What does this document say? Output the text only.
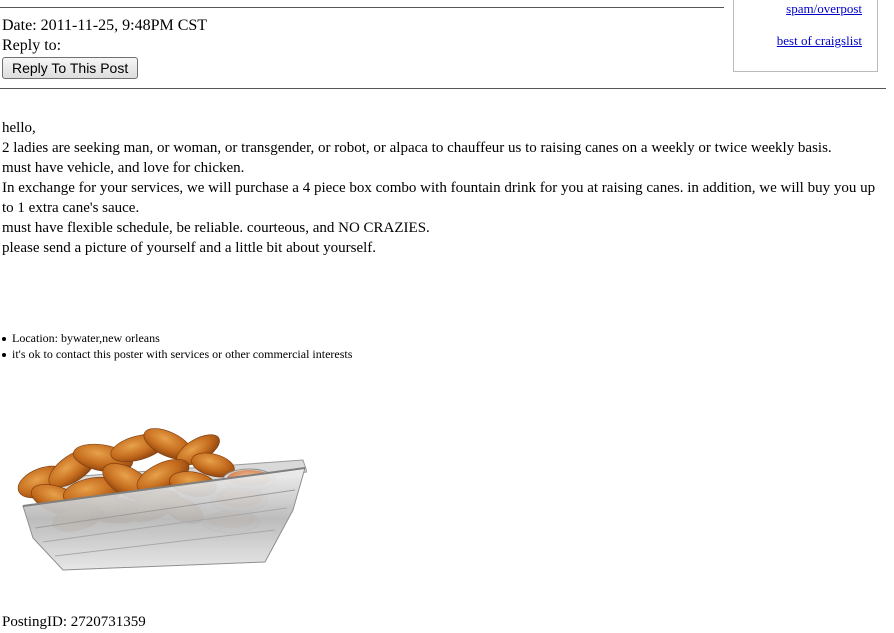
spam/overpost
best of craigslist
Date: 2011-11-25, 9:48PM CST
Reply to:
Reply To This Post

hello,

2 ladies are seeking man, or woman, or transgender, or robot, or alpaca to chauffeur us to raising canes on a weekly or twice weekly basis.

must have vehicle, and love for chicken.

In exchange for your services, we will purchase a 4 piece box combo with fountain drink for you at raising canes. in addition, we will buy you up to 1 extra cane's sauce.

must have flexible schedule, be reliable. courteous, and NO CRAZIES.

please send a picture of yourself and a little bit about yourself.

Location: bywater,new orleans
it's ok to contact this poster with services or other commercial interests
PostingID: 2720731359
